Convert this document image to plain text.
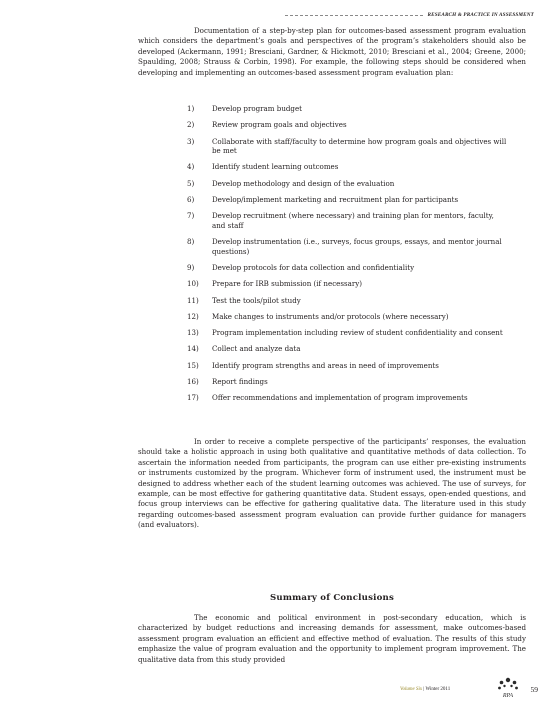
RESEARCH & PRACTICE IN ASSESSMENT

Documentation of a step-by-step plan for outcomes-based assessment program evaluation which considers the department’s goals and perspectives of the program’s stakeholders should also be developed (Ackermann, 1991; Bresciani, Gardner, & Hickmott, 2010; Bresciani et al., 2004; Greene, 2000; Spaulding, 2008; Strauss & Corbin, 1998). For example, the following steps should be considered when developing and implementing an outcomes-based assessment program evaluation plan:

1)	Develop program budget
2)	Review program goals and objectives
3)	Collaborate with staff/faculty to determine how program goals and objectives will be met
4)	Identify student learning outcomes
5)	Develop methodology and design of the evaluation
6)	Develop/implement marketing and recruitment plan for participants
7)	Develop recruitment (where necessary) and training plan for mentors, faculty, and staff
8)	Develop instrumentation (i.e., surveys, focus groups, essays, and mentor journal questions)
9)	Develop protocols for data collection and confidentiality
10)	Prepare for IRB submission (if necessary)
11)	Test the tools/pilot study
12)	Make changes to instruments and/or protocols (where necessary)
13)	Program implementation including review of student confidentiality and consent
14)	Collect and analyze data
15)	Identify program strengths and areas in need of improvements
16)	Report findings
17)	Offer recommendations and implementation of program improvements

In order to receive a complete perspective of the participants’ responses, the evaluation should take a holistic approach in using both qualitative and quantitative methods of data collection. To ascertain the information needed from participants, the program can use either pre-existing instruments or instruments customized by the program. Whichever form of instrument used, the instrument must be designed to address whether each of the student learning outcomes was achieved. The use of surveys, for example, can be most effective for gathering quantitative data. Student essays, open-ended questions, and focus group interviews can be effective for gathering qualitative data. The literature used in this study regarding outcomes-based assessment program evaluation can provide further guidance for managers (and evaluators).

Summary of Conclusions

The economic and political environment in post-secondary education, which is characterized by budget reductions and increasing demands for assessment, make outcomes-based assessment program evaluation an efficient and effective method of evaluation. The results of this study emphasize the value of program evaluation and the opportunity to implement program improvement. The qualitative data from this study provided

Volume Six | Winter 2011
RPA
59
